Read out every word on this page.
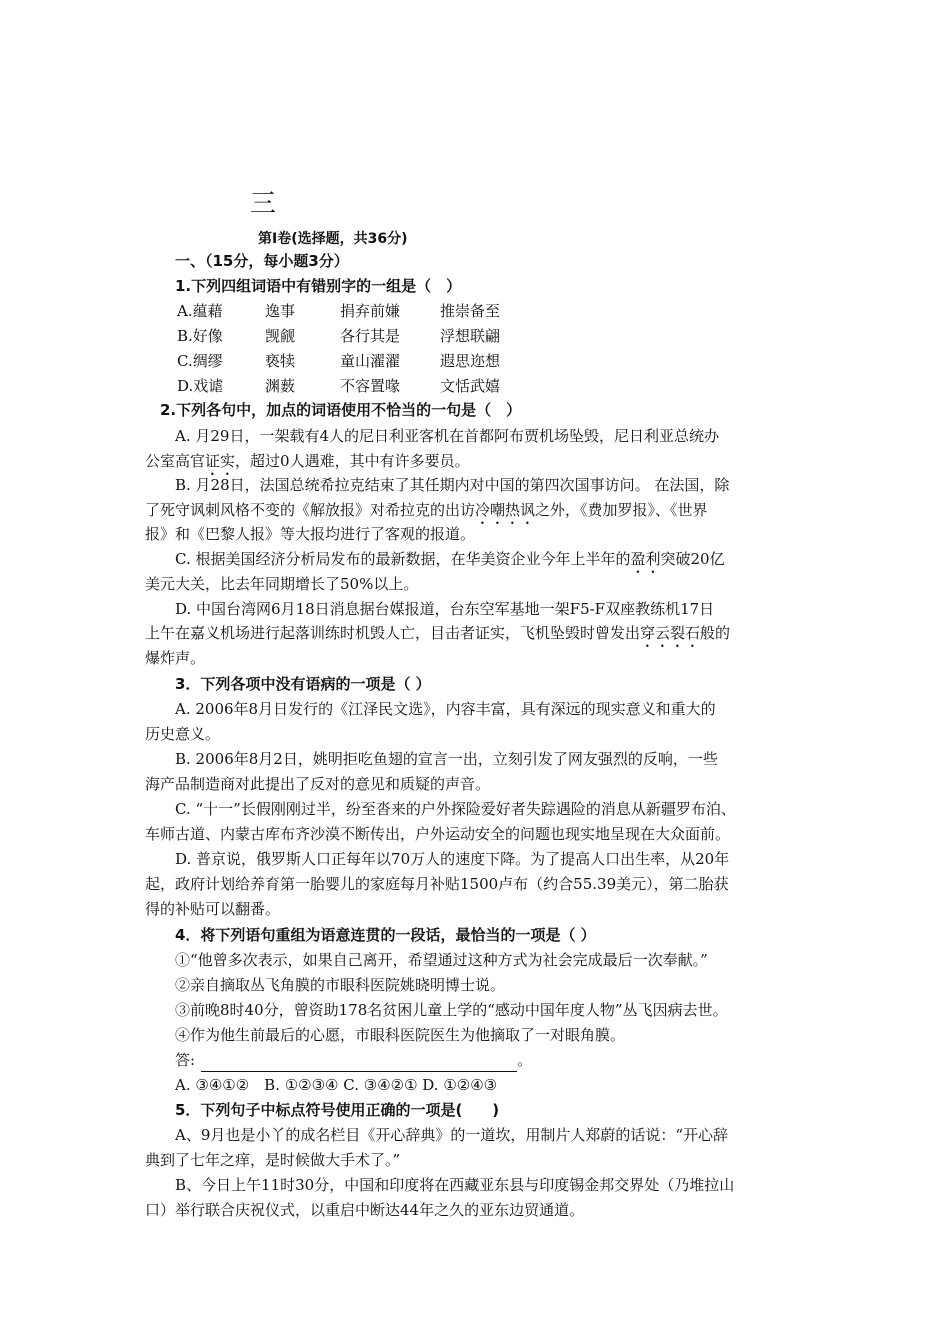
三
第Ⅰ卷(选择题，共36分)
一、（15分，每小题3分）
1.下列四组词语中有错别字的一组是（　）
A.蕴藉	逸事	捐弃前嫌	推崇备至
B.好像	觊觎	各行其是	浮想联翩
C.绸缪	亵犊	童山濯濯	遐思迩想
D.戏谑	渊薮	不容置喙	文恬武嬉
2.下列各句中，加点的词语使用不恰当的一句是（　）
A. 月29日，一架载有4人的尼日利亚客机在首都阿布贾机场坠毁，尼日利亚总统办
公室高官证实，超过0人遇难，其中有许多要员。
B. 月28日，法国总统希拉克结束了其任期内对中国的第四次国事访问。 在法国，除
了死守讽刺风格不变的《解放报》对希拉克的出访冷嘲热讽之外，《费加罗报》、《世界
报》和《巴黎人报》等大报均进行了客观的报道。
C. 根据美国经济分析局发布的最新数据，在华美资企业今年上半年的盈利突破20亿
美元大关，比去年同期增长了50%以上。
D. 中国台湾网6月18日消息据台媒报道，台东空军基地一架F5-F双座教练机17日
上午在嘉义机场进行起落训练时机毁人亡，目击者证实，飞机坠毁时曾发出穿云裂石般的
爆炸声。
3．下列各项中没有语病的一项是（ ）
A. 2006年8月日发行的《江泽民文选》，内容丰富，具有深远的现实意义和重大的
历史意义。
B. 2006年8月2日，姚明拒吃鱼翅的宣言一出，立刻引发了网友强烈的反响，一些
海产品制造商对此提出了反对的意见和质疑的声音。
C. “十一”长假刚刚过半，纷至沓来的户外探险爱好者失踪遇险的消息从新疆罗布泊、
车师古道、内蒙古库布齐沙漠不断传出，户外运动安全的问题也现实地呈现在大众面前。
D. 普京说，俄罗斯人口正每年以70万人的速度下降。为了提高人口出生率，从20年
起，政府计划给养育第一胎婴儿的家庭每月补贴1500卢布（约合55.39美元），第二胎获
得的补贴可以翻番。
4．将下列语句重组为语意连贯的一段话，最恰当的一项是（ ）
①“他曾多次表示，如果自己离开，希望通过这种方式为社会完成最后一次奉献。”
②亲自摘取丛飞角膜的市眼科医院姚晓明博士说。
③前晚8时40分，曾资助178名贫困儿童上学的“感动中国年度人物”丛飞因病去世。
④作为他生前最后的心愿，市眼科医院医生为他摘取了一对眼角膜。
答:	。
A. ③④①②　B. ①②③④ C. ③④②① D. ①②④③
5．下列句子中标点符号使用正确的一项是(　　)
A、9月也是小丫的成名栏目《开心辞典》的一道坎，用制片人郑蔚的话说：“开心辞
典到了七年之痒，是时候做大手术了。”
B、今日上午11时30分，中国和印度将在西藏亚东县与印度锡金邦交界处（乃堆拉山
口）举行联合庆祝仪式，以重启中断达44年之久的亚东边贸通道。
